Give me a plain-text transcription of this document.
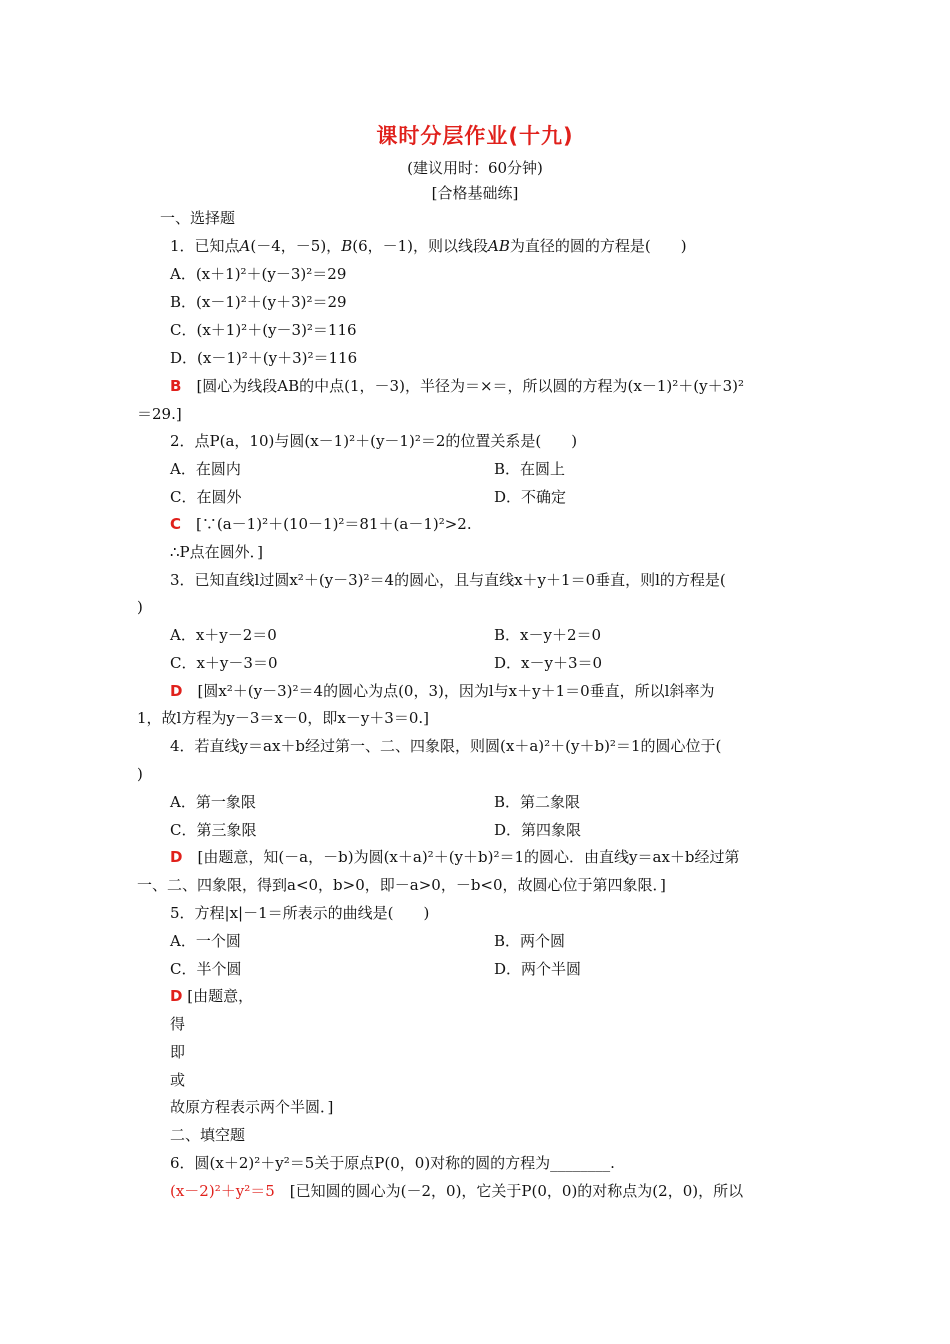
课时分层作业(十九)
(建议用时：60分钟)
[合格基础练]
一、选择题
1．已知点A(－4，－5)，B(6，－1)，则以线段AB为直径的圆的方程是(　　)
A．(x＋1)²＋(y－3)²＝29
B．(x－1)²＋(y＋3)²＝29
C．(x＋1)²＋(y－3)²＝116
D．(x－1)²＋(y＋3)²＝116
B　 [圆心为线段AB的中点(1，－3)，半径为＝×＝，所以圆的方程为(x－1)²＋(y＋3)²
＝29.]
2．点P(a，10)与圆(x－1)²＋(y－1)²＝2的位置关系是(　　)
A．在圆内	B．在圆上
C．在圆外	D．不确定
C　 [∵(a－1)²＋(10－1)²＝81＋(a－1)²>2.
∴P点在圆外．]
3．已知直线l过圆x²＋(y－3)²＝4的圆心，且与直线x＋y＋1＝0垂直，则l的方程是(
)
A．x＋y－2＝0	B．x－y＋2＝0
C．x＋y－3＝0	D．x－y＋3＝0
D　 [圆x²＋(y－3)²＝4的圆心为点(0，3)，因为l与x＋y＋1＝0垂直，所以l斜率为
1，故l方程为y－3＝x－0，即x－y＋3＝0.]
4．若直线y＝ax＋b经过第一、二、四象限，则圆(x＋a)²＋(y＋b)²＝1的圆心位于(
)
A．第一象限	B．第二象限
C．第三象限	D．第四象限
D　 [由题意，知(－a，－b)为圆(x＋a)²＋(y＋b)²＝1的圆心．由直线y＝ax＋b经过第
一、二、四象限，得到a<0，b>0，即－a>0，－b<0，故圆心位于第四象限．]
5．方程|x|－1＝所表示的曲线是(　　)
A．一个圆	B．两个圆
C．半个圆	D．两个半圆
D [由题意，
得
即
或
故原方程表示两个半圆．]
二、填空题
6．圆(x＋2)²＋y²＝5关于原点P(0，0)对称的圆的方程为________.
(x－2)²＋y²＝5　 [已知圆的圆心为(－2，0)，它关于P(0，0)的对称点为(2，0)，所以
